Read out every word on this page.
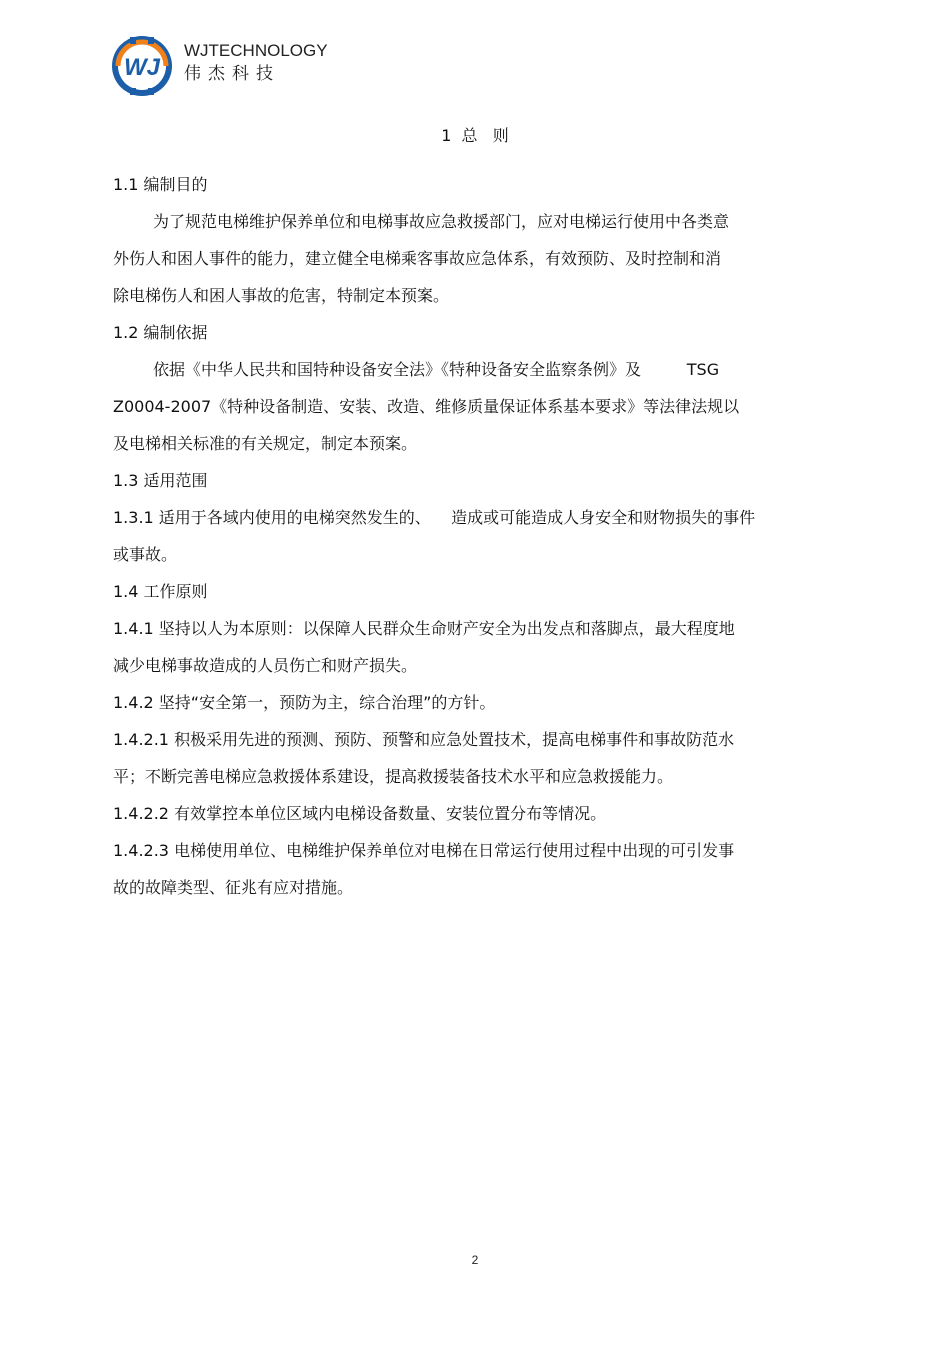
WJ
WJTECHNOLOGY
伟杰科技
1  总   则
1.1 编制目的
为了规范电梯维护保养单位和电梯事故应急救援部门，应对电梯运行使用中各类意
外伤人和困人事件的能力，建立健全电梯乘客事故应急体系，有效预防、及时控制和消
除电梯伤人和困人事故的危害，特制定本预案。
1.2 编制依据
依据《中华人民共和国特种设备安全法》《特种设备安全监察条例》及         TSG
Z0004-2007《特种设备制造、安装、改造、维修质量保证体系基本要求》等法律法规以
及电梯相关标准的有关规定，制定本预案。
1.3 适用范围
1.3.1 适用于各域内使用的电梯突然发生的、    造成或可能造成人身安全和财物损失的事件
或事故。
1.4 工作原则
1.4.1 坚持以人为本原则：以保障人民群众生命财产安全为出发点和落脚点，最大程度地
减少电梯事故造成的人员伤亡和财产损失。
1.4.2 坚持“安全第一，预防为主，综合治理”的方针。
1.4.2.1 积极采用先进的预测、预防、预警和应急处置技术，提高电梯事件和事故防范水
平；不断完善电梯应急救援体系建设，提高救援装备技术水平和应急救援能力。
1.4.2.2 有效掌控本单位区域内电梯设备数量、安装位置分布等情况。
1.4.2.3 电梯使用单位、电梯维护保养单位对电梯在日常运行使用过程中出现的可引发事
故的故障类型、征兆有应对措施。
2
